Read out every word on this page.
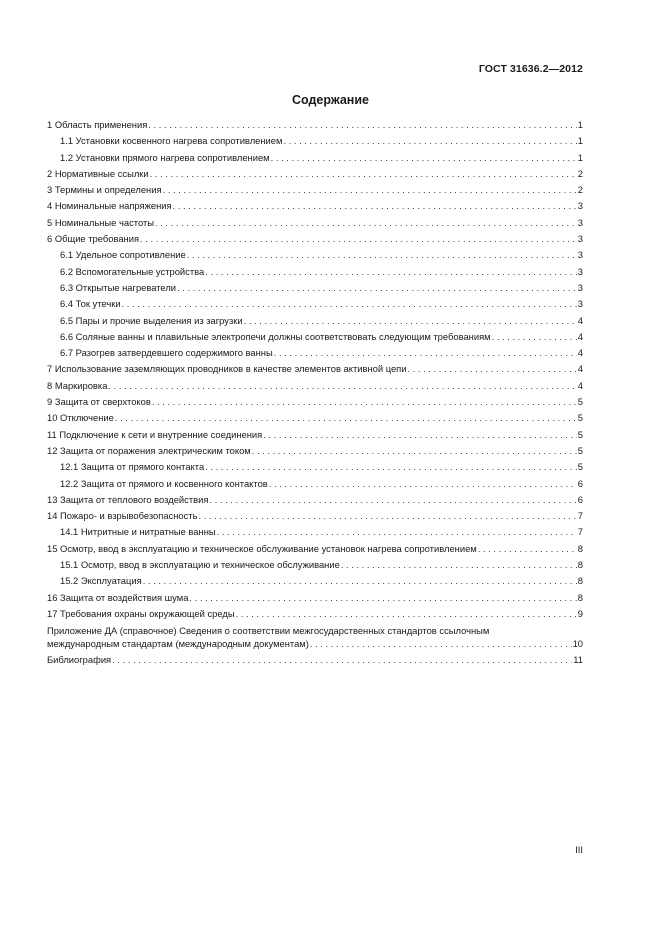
ГОСТ 31636.2—2012
Содержание
1 Область применения . . .	1
1.1 Установки косвенного нагрева сопротивлением . . .	1
1.2 Установки прямого нагрева сопротивлением . . .	1
2 Нормативные ссылки . . .	2
3 Термины и определения . . .	2
4 Номинальные напряжения . . .	3
5 Номинальные частоты . . .	3
6 Общие требования . . .	3
6.1 Удельное сопротивление . . .	3
6.2 Вспомогательные устройства . . .	3
6.3 Открытые нагреватели . . .	3
6.4 Ток утечки . . .	3
6.5 Пары и прочие выделения из загрузки . . .	4
6.6 Соляные ванны и плавильные электропечи должны соответствовать следующим требованиям . . .	4
6.7 Разогрев затвердевшего содержимого ванны . . .	4
7 Использование заземляющих проводников в качестве элементов активной цепи . . .	4
8 Маркировка . . .	4
9 Защита от сверхтоков . . .	5
10 Отключение . . .	5
11 Подключение к сети и внутренние соединения . . .	5
12 Защита от поражения электрическим током . . .	5
12.1 Защита от прямого контакта . . .	5
12.2 Защита от прямого и косвенного контактов . . .	6
13 Защита от теплового воздействия . . .	6
14 Пожаро- и взрывобезопасность . . .	7
14.1 Нитритные и нитратные ванны . . .	7
15 Осмотр, ввод в эксплуатацию и техническое обслуживание установок нагрева сопротивлением . . .	8
15.1 Осмотр, ввод в эксплуатацию и техническое обслуживание . . .	8
15.2 Эксплуатация . . .	8
16 Защита от воздействия шума . . .	8
17 Требования охраны окружающей среды . . .	9
Приложение ДА (справочное) Сведения о соответствии межгосударственных стандартов ссылочным
международным стандартам (международным документам) . . .	10
Библиография . . .	11
III
